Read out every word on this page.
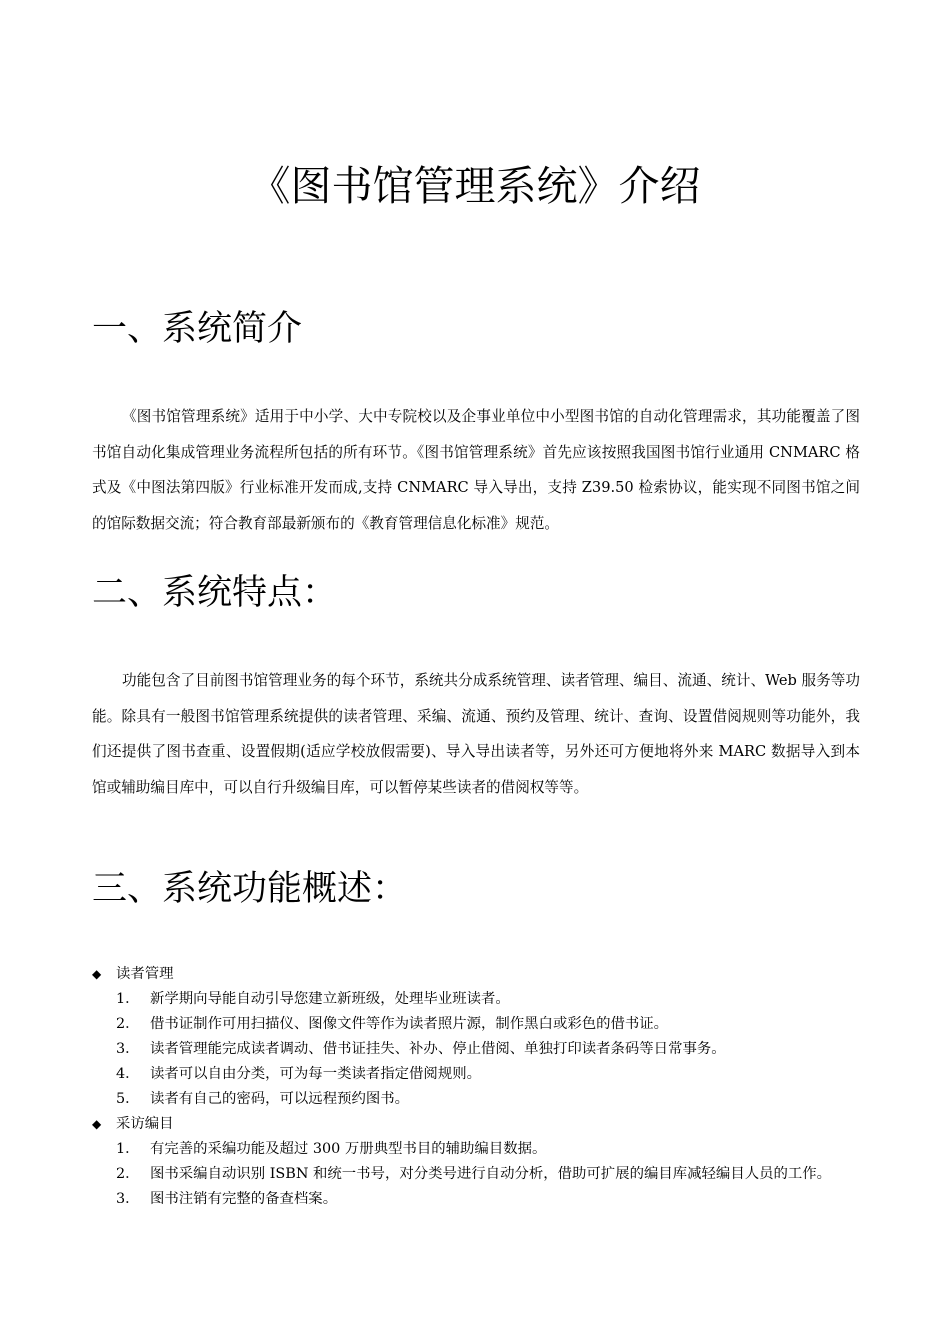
《图书馆管理系统》介绍
一、系统简介

《图书馆管理系统》适用于中小学、大中专院校以及企事业单位中小型图书馆的自动化管理需求，其功能覆盖了图书馆自动化集成管理业务流程所包括的所有环节。《图书馆管理系统》首先应该按照我国图书馆行业通用 CNMARC 格式及《中图法第四版》行业标准开发而成,支持 CNMARC 导入导出，支持 Z39.50 检索协议，能实现不同图书馆之间的馆际数据交流；符合教育部最新颁布的《教育管理信息化标准》规范。

二、系统特点：

功能包含了目前图书馆管理业务的每个环节，系统共分成系统管理、读者管理、编目、流通、统计、Web 服务等功能。除具有一般图书馆管理系统提供的读者管理、采编、流通、预约及管理、统计、查询、设置借阅规则等功能外，我们还提供了图书查重、设置假期(适应学校放假需要)、导入导出读者等，另外还可方便地将外来 MARC 数据导入到本馆或辅助编目库中，可以自行升级编目库，可以暂停某些读者的借阅权等等。

三、系统功能概述：
◆	读者管理
1． 新学期向导能自动引导您建立新班级，处理毕业班读者。
2． 借书证制作可用扫描仪、图像文件等作为读者照片源，制作黑白或彩色的借书证。
3． 读者管理能完成读者调动、借书证挂失、补办、停止借阅、单独打印读者条码等日常事务。
4． 读者可以自由分类，可为每一类读者指定借阅规则。
5． 读者有自己的密码，可以远程预约图书。
◆	采访编目
1． 有完善的采编功能及超过 300 万册典型书目的辅助编目数据。
2． 图书采编自动识别 ISBN 和统一书号，对分类号进行自动分析，借助可扩展的编目库减轻编目人员的工作。
3． 图书注销有完整的备查档案。
